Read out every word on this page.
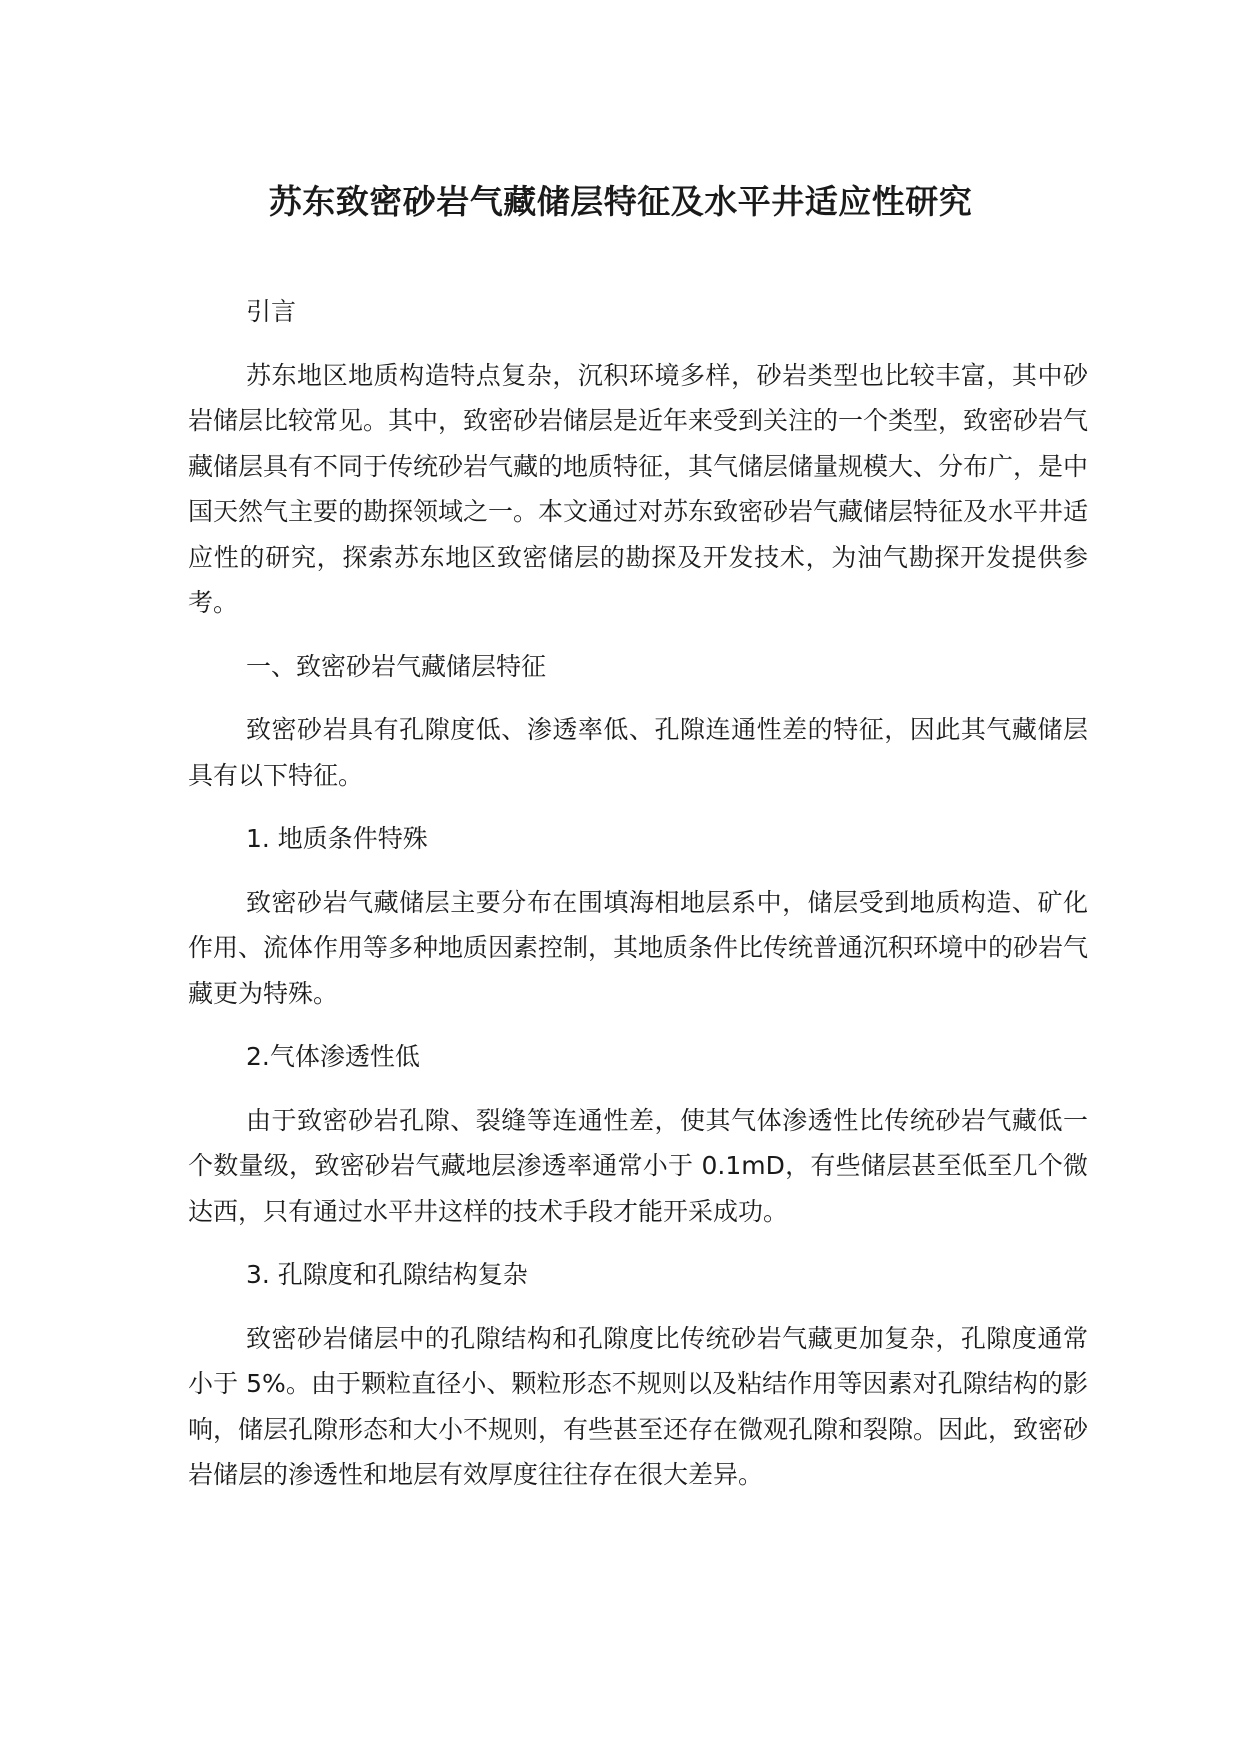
苏东致密砂岩气藏储层特征及水平井适应性研究

引言

苏东地区地质构造特点复杂，沉积环境多样，砂岩类型也比较丰富，其中砂岩储层比较常见。其中，致密砂岩储层是近年来受到关注的一个类型，致密砂岩气藏储层具有不同于传统砂岩气藏的地质特征，其气储层储量规模大、分布广，是中国天然气主要的勘探领域之一。本文通过对苏东致密砂岩气藏储层特征及水平井适应性的研究，探索苏东地区致密储层的勘探及开发技术，为油气勘探开发提供参考。

一、致密砂岩气藏储层特征

致密砂岩具有孔隙度低、渗透率低、孔隙连通性差的特征，因此其气藏储层具有以下特征。

1. 地质条件特殊

致密砂岩气藏储层主要分布在围填海相地层系中，储层受到地质构造、矿化作用、流体作用等多种地质因素控制，其地质条件比传统普通沉积环境中的砂岩气藏更为特殊。

2.气体渗透性低

由于致密砂岩孔隙、裂缝等连通性差，使其气体渗透性比传统砂岩气藏低一个数量级，致密砂岩气藏地层渗透率通常小于 0.1mD，有些储层甚至低至几个微达西，只有通过水平井这样的技术手段才能开采成功。

3. 孔隙度和孔隙结构复杂

致密砂岩储层中的孔隙结构和孔隙度比传统砂岩气藏更加复杂，孔隙度通常小于 5%。由于颗粒直径小、颗粒形态不规则以及粘结作用等因素对孔隙结构的影响，储层孔隙形态和大小不规则，有些甚至还存在微观孔隙和裂隙。因此，致密砂岩储层的渗透性和地层有效厚度往往存在很大差异。
